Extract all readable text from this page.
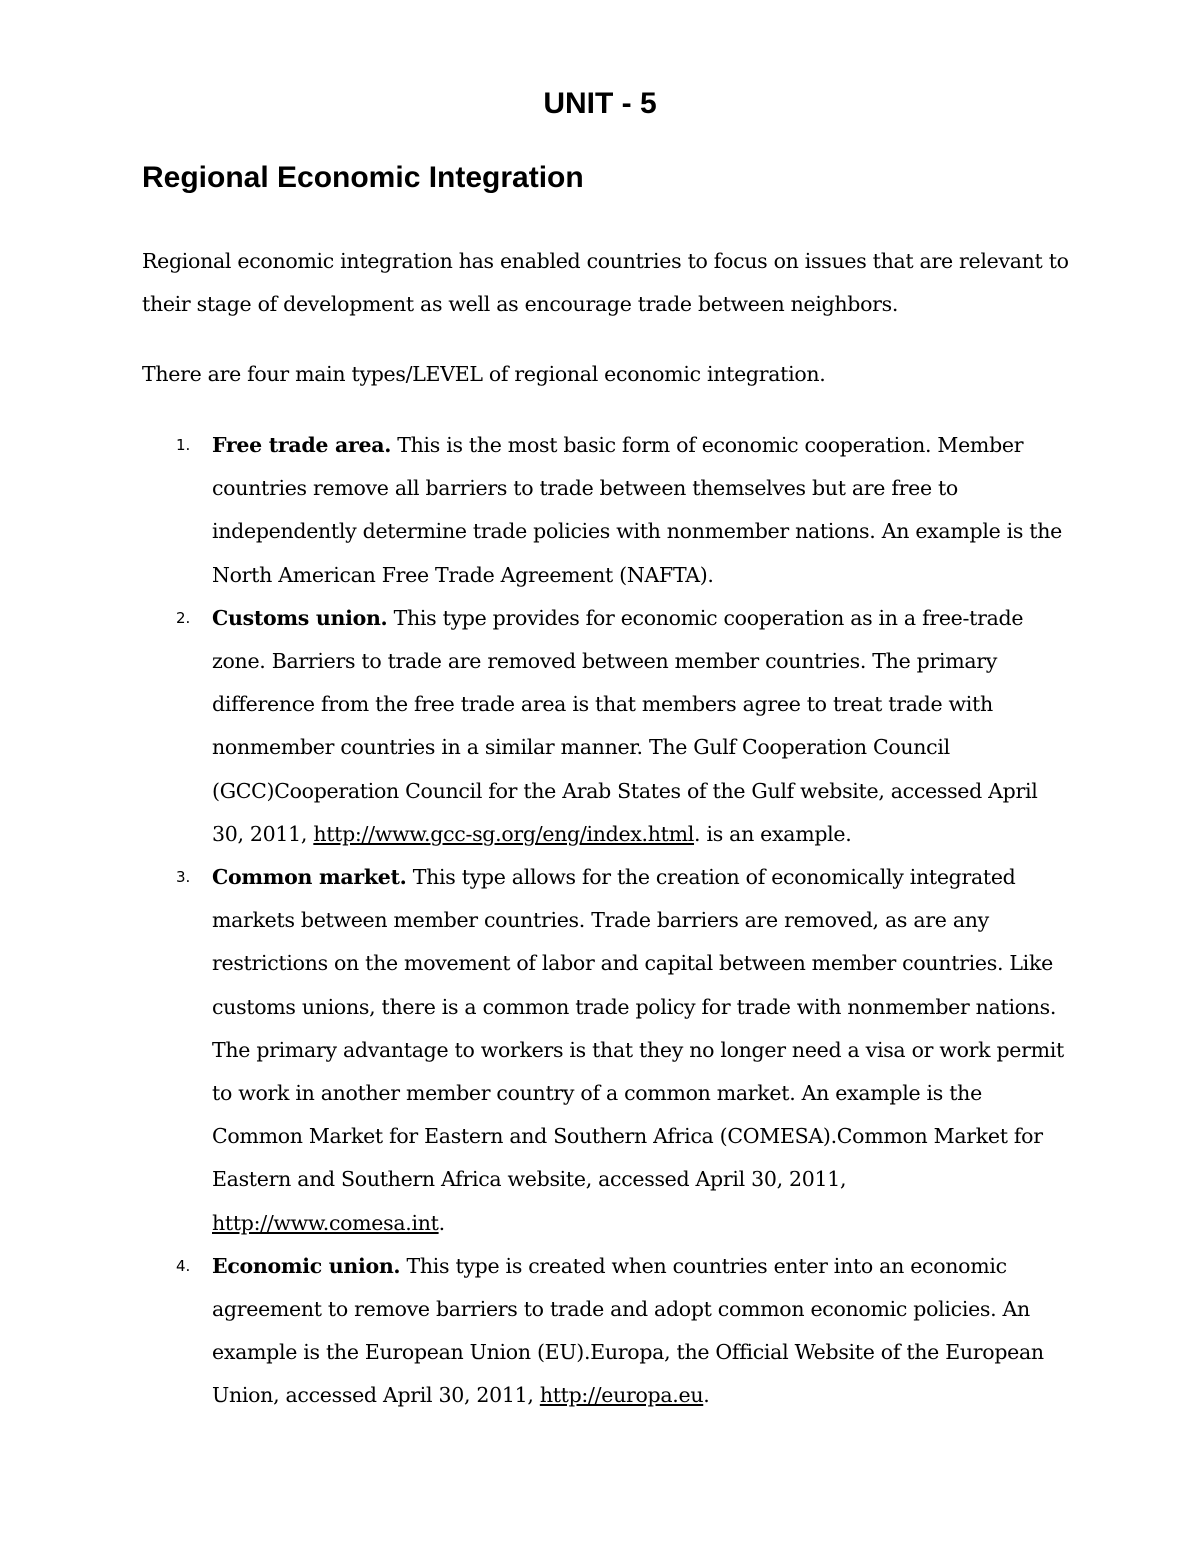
UNIT - 5
Regional Economic Integration

Regional economic integration has enabled countries to focus on issues that are relevant to their stage of development as well as encourage trade between neighbors.

There are four main types/LEVEL of regional economic integration.

1. Free trade area. This is the most basic form of economic cooperation. Member countries remove all barriers to trade between themselves but are free to independently determine trade policies with nonmember nations. An example is the North American Free Trade Agreement (NAFTA).
2. Customs union. This type provides for economic cooperation as in a free-trade zone. Barriers to trade are removed between member countries. The primary difference from the free trade area is that members agree to treat trade with nonmember countries in a similar manner. The Gulf Cooperation Council (GCC)Cooperation Council for the Arab States of the Gulf website, accessed April 30, 2011, http://www.gcc-sg.org/eng/index.html. is an example.
3. Common market. This type allows for the creation of economically integrated markets between member countries. Trade barriers are removed, as are any restrictions on the movement of labor and capital between member countries. Like customs unions, there is a common trade policy for trade with nonmember nations. The primary advantage to workers is that they no longer need a visa or work permit to work in another member country of a common market. An example is the Common Market for Eastern and Southern Africa (COMESA).Common Market for Eastern and Southern Africa website, accessed April 30, 2011, http://www.comesa.int.
4. Economic union. This type is created when countries enter into an economic agreement to remove barriers to trade and adopt common economic policies. An example is the European Union (EU).Europa, the Official Website of the European Union, accessed April 30, 2011, http://europa.eu.
